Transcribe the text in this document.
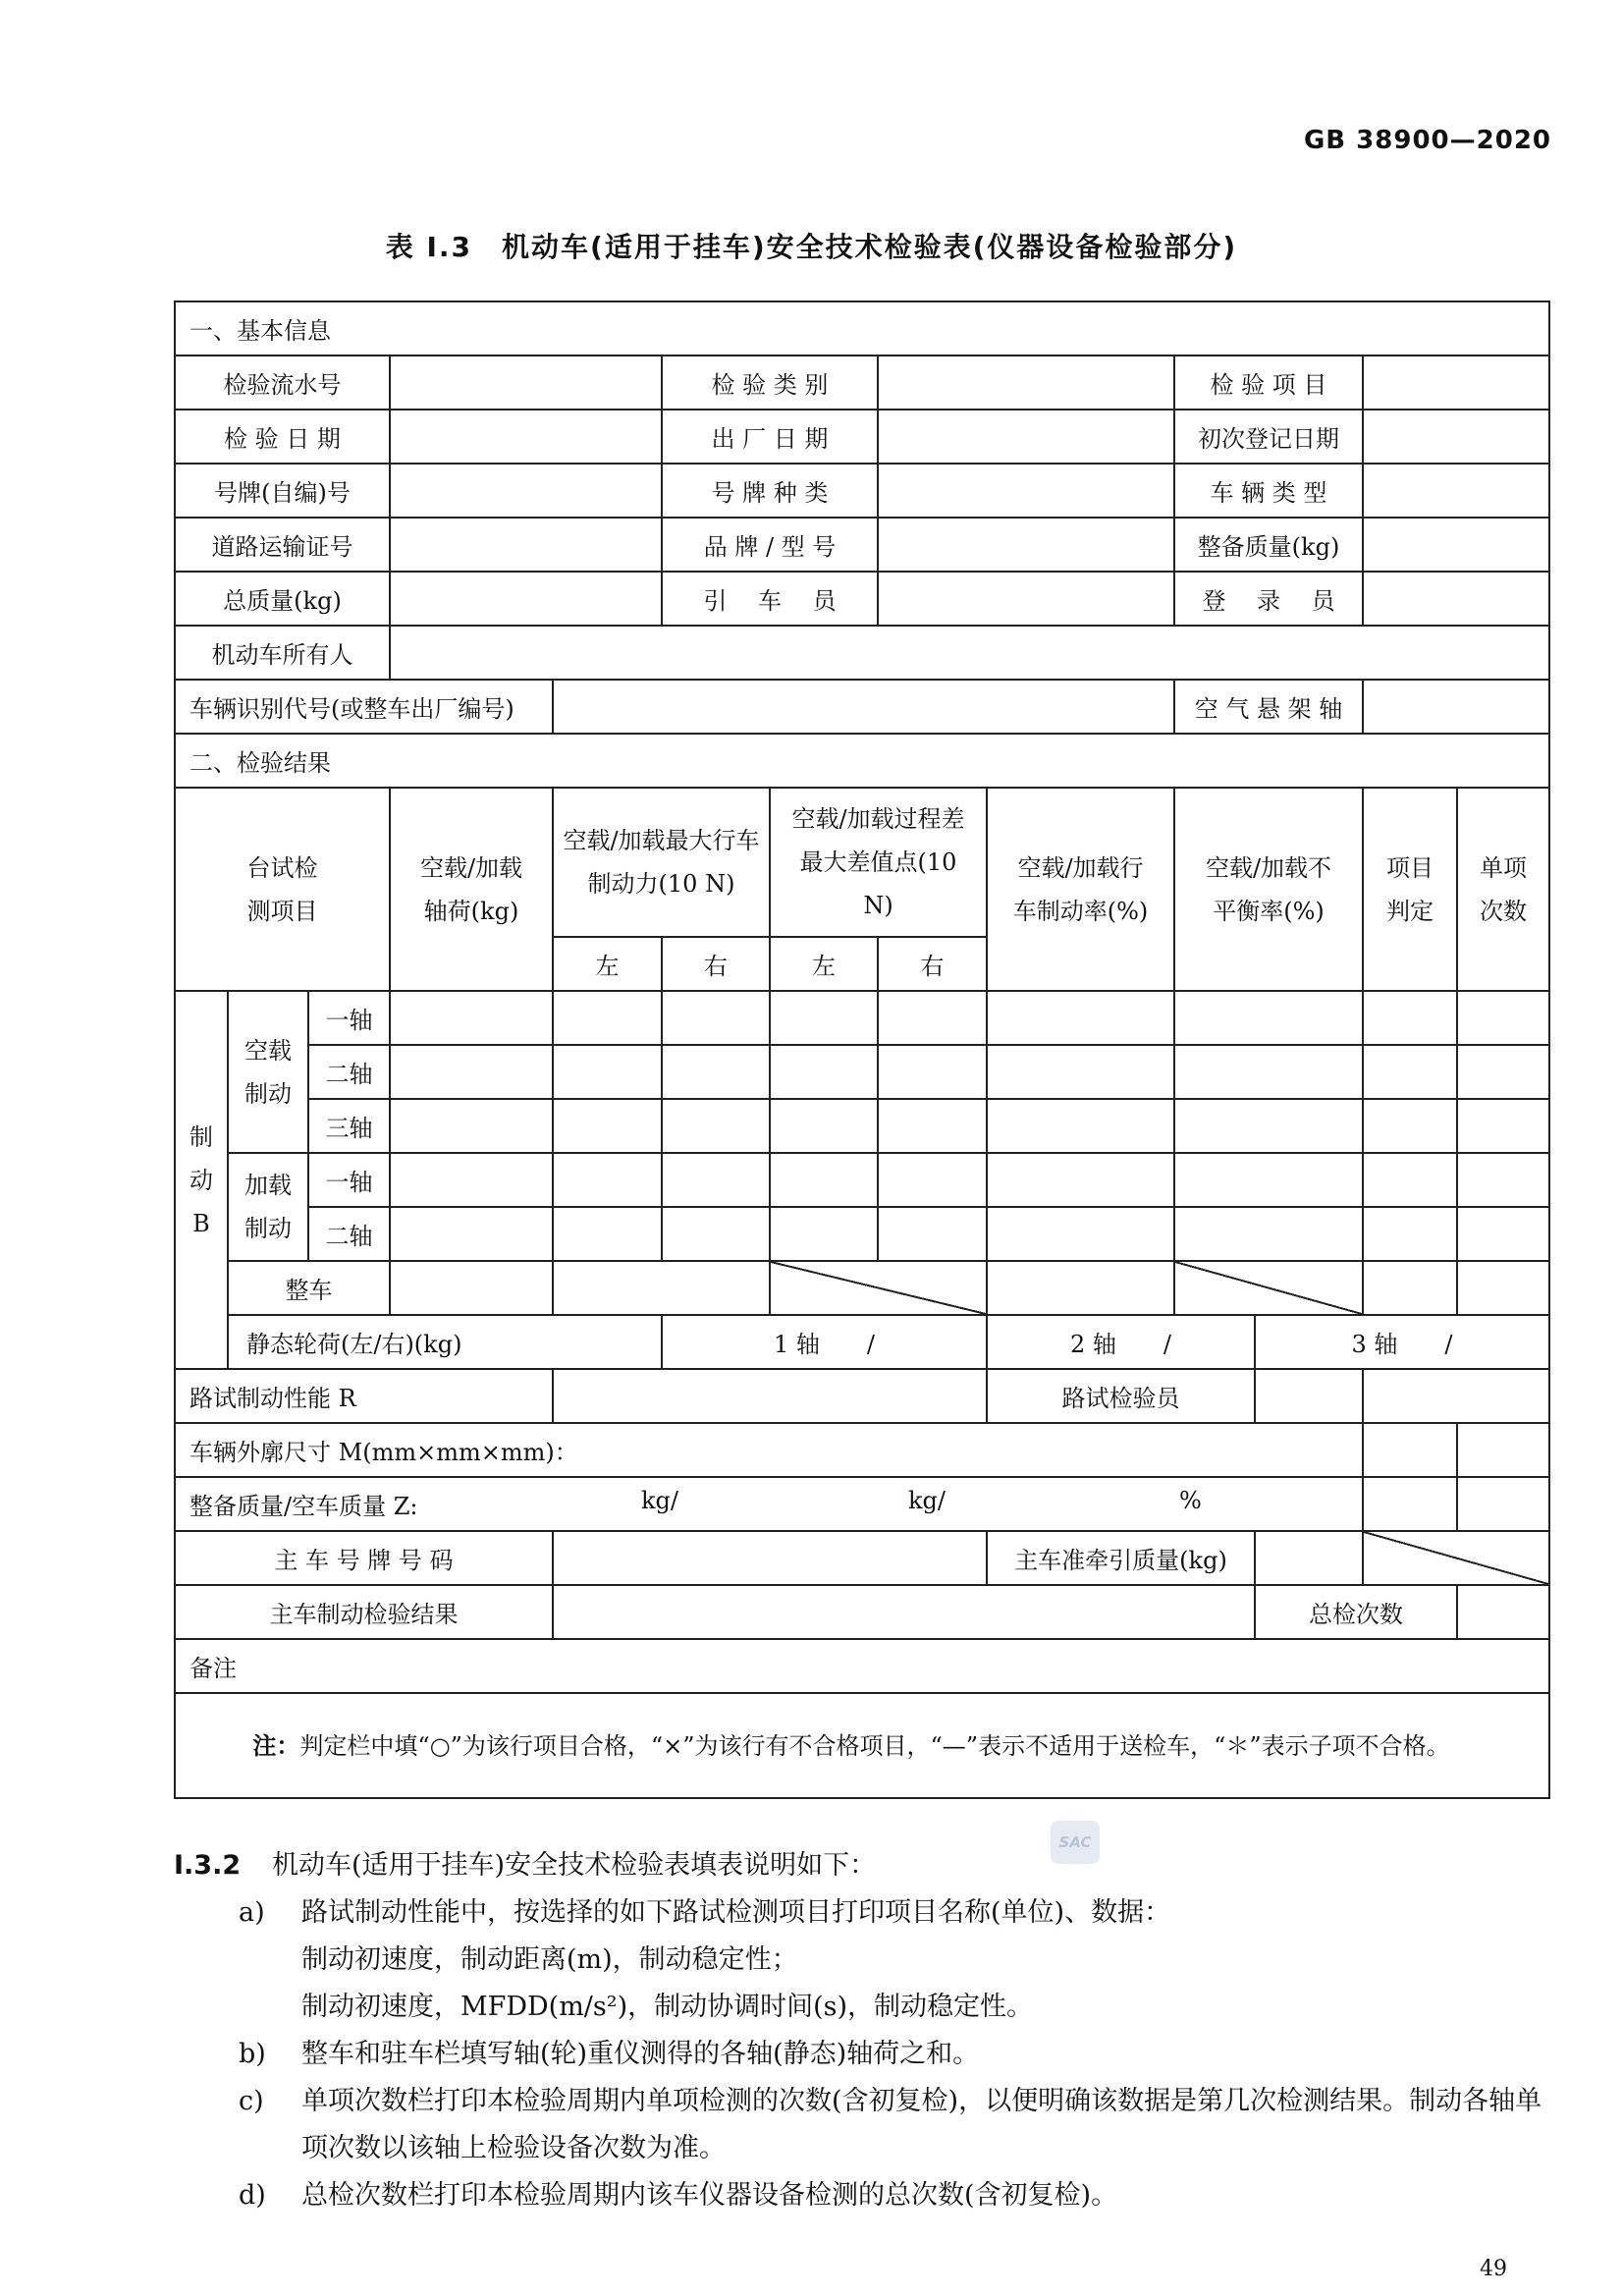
GB 38900—2020
表 I.3　机动车(适用于挂车)安全技术检验表(仪器设备检验部分)
一、基本信息												
检验流水号					检 验 类 别				检 验 项 目			
检 验 日 期					出 厂 日 期				初次登记日期			
号牌(自编)号					号 牌 种 类				车 辆 类 型			
道路运输证号					品 牌 / 型 号				整备质量(kg)			
总质量(kg)					引　 车　 员				登　 录　 员			
机动车所有人												
车辆识别代号(或整车出厂编号)									空 气 悬 架 轴			
二、检验结果												
台试检测项目			空载/加载轴荷(kg)	空载/加载最大行车制动力(10 N)		空载/加载过程差最大差值点(10 N)		空载/加载行车制动率(%)	空载/加载不平衡率(%)		项目判定	单项次数
				左	右	左	右					
制动B	空载制动	一轴										
		二轴										
		三轴										
	加载制动	一轴										
		二轴										
	整车											
	静态轮荷(左/右)(kg)				1 轴　　/			2 轴　　/		3 轴　　/		
路试制动性能 R								路试检验员				
车辆外廓尺寸 M(mm×mm×mm)：												
整备质量/空车质量 Z: kg/ kg/ %												

主 车 号 牌 号 码								主车准牵引质量(kg)				
主车制动检验结果										总检次数		
备注												
注：判定栏中填“○”为该行项目合格，“×”为该行有不合格项目，“—”表示不适用于送检车，“＊”表示子项不合格。												
SAC
I.3.2 机动车(适用于挂车)安全技术检验表填表说明如下：
a) 路试制动性能中，按选择的如下路试检测项目打印项目名称(单位)、数据：
制动初速度，制动距离(m)，制动稳定性；
制动初速度，MFDD(m/s²)，制动协调时间(s)，制动稳定性。
b) 整车和驻车栏填写轴(轮)重仪测得的各轴(静态)轴荷之和。
c) 单项次数栏打印本检验周期内单项检测的次数(含初复检)，以便明确该数据是第几次检测结果。制动各轴单项次数以该轴上检验设备次数为准。
d) 总检次数栏打印本检验周期内该车仪器设备检测的总次数(含初复检)。
49
